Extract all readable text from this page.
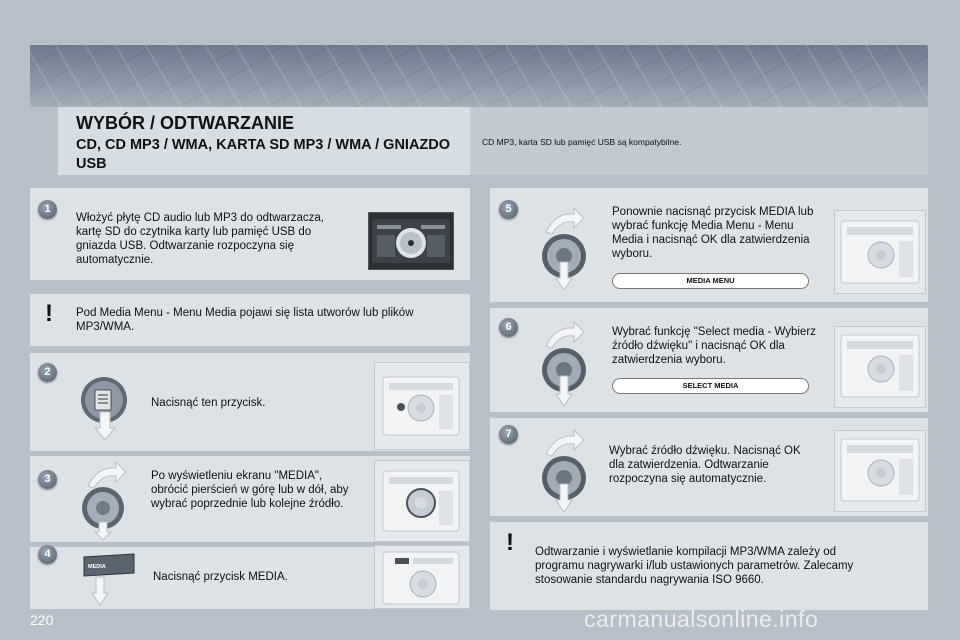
WYBÓR / ODTWARZANIE
CD, CD MP3 / WMA, KARTA SD MP3 / WMA / GNIAZDO USB
CD MP3, karta SD lub pamięć USB są kompatybilne.
1
Włożyć płytę CD audio lub MP3 do odtwarzacza, kartę SD do czytnika karty lub pamięć USB do gniazda USB. Odtwarzanie rozpoczyna się automatycznie.
!	Pod Media Menu - Menu Media pojawi się lista utworów lub plików MP3/WMA.
2
Nacisnąć ten przycisk.
3	Po wyświetleniu ekranu "MEDIA", obrócić pierścień w górę lub w dół, aby wybrać poprzednie lub kolejne źródło.
4
MEDIA
Nacisnąć przycisk MEDIA.
5	Ponownie nacisnąć przycisk MEDIA lub wybrać funkcję Media Menu - Menu Media i nacisnąć OK dla zatwierdzenia wyboru.
MEDIA MENU
6	Wybrać funkcję "Select media - Wybierz źródło dźwięku" i nacisnąć OK dla zatwierdzenia wyboru.
SELECT MEDIA
7
Wybrać źródło dźwięku. Nacisnąć OK dla zatwierdzenia. Odtwarzanie rozpoczyna się automatycznie.
!	Odtwarzanie i wyświetlanie kompilacji MP3/WMA zależy od programu nagrywarki i/lub ustawionych parametrów. Zalecamy stosowanie standardu nagrywania ISO 9660.
220	carmanualsonline.info
